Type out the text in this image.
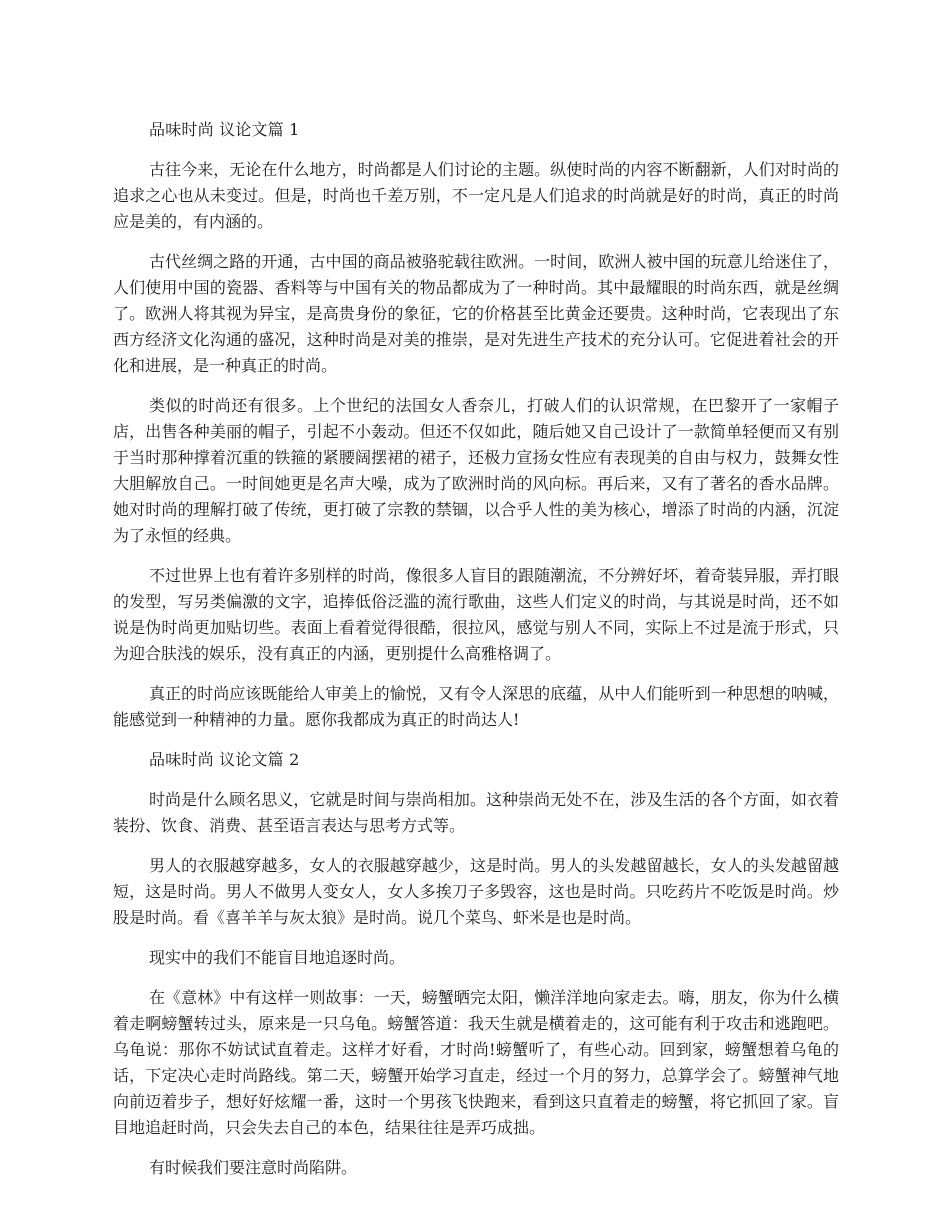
品味时尚 议论文篇 1

古往今来，无论在什么地方，时尚都是人们讨论的主题。纵使时尚的内容不断翻新，人们对时尚的追求之心也从未变过。但是，时尚也千差万别，不一定凡是人们追求的时尚就是好的时尚，真正的时尚应是美的，有内涵的。

古代丝绸之路的开通，古中国的商品被骆驼载往欧洲。一时间，欧洲人被中国的玩意儿给迷住了，人们使用中国的瓷器、香料等与中国有关的物品都成为了一种时尚。其中最耀眼的时尚东西，就是丝绸了。欧洲人将其视为异宝，是高贵身份的象征，它的价格甚至比黄金还要贵。这种时尚，它表现出了东西方经济文化沟通的盛况，这种时尚是对美的推崇，是对先进生产技术的充分认可。它促进着社会的开化和进展，是一种真正的时尚。

类似的时尚还有很多。上个世纪的法国女人香奈儿，打破人们的认识常规，在巴黎开了一家帽子店，出售各种美丽的帽子，引起不小轰动。但还不仅如此，随后她又自己设计了一款简单轻便而又有别于当时那种撑着沉重的铁箍的紧腰阔摆裙的裙子，还极力宣扬女性应有表现美的自由与权力，鼓舞女性大胆解放自己。一时间她更是名声大噪，成为了欧洲时尚的风向标。再后来，又有了著名的香水品牌。她对时尚的理解打破了传统，更打破了宗教的禁锢，以合乎人性的美为核心，增添了时尚的内涵，沉淀为了永恒的经典。

不过世界上也有着许多别样的时尚，像很多人盲目的跟随潮流，不分辨好坏，着奇装异服，弄打眼的发型，写另类偏激的文字，追捧低俗泛滥的流行歌曲，这些人们定义的时尚，与其说是时尚，还不如说是伪时尚更加贴切些。表面上看着觉得很酷，很拉风，感觉与别人不同，实际上不过是流于形式，只为迎合肤浅的娱乐，没有真正的内涵，更别提什么高雅格调了。

真正的时尚应该既能给人审美上的愉悦，又有令人深思的底蕴，从中人们能听到一种思想的呐喊，能感觉到一种精神的力量。愿你我都成为真正的时尚达人!

品味时尚 议论文篇 2

时尚是什么顾名思义，它就是时间与崇尚相加。这种崇尚无处不在，涉及生活的各个方面，如衣着装扮、饮食、消费、甚至语言表达与思考方式等。

男人的衣服越穿越多，女人的衣服越穿越少，这是时尚。男人的头发越留越长，女人的头发越留越短，这是时尚。男人不做男人变女人，女人多挨刀子多毁容，这也是时尚。只吃药片不吃饭是时尚。炒股是时尚。看《喜羊羊与灰太狼》是时尚。说几个菜鸟、虾米是也是时尚。

现实中的我们不能盲目地追逐时尚。

在《意林》中有这样一则故事：一天，螃蟹晒完太阳，懒洋洋地向家走去。嗨，朋友，你为什么横着走啊螃蟹转过头，原来是一只乌龟。螃蟹答道：我天生就是横着走的，这可能有利于攻击和逃跑吧。乌龟说：那你不妨试试直着走。这样才好看，才时尚!螃蟹听了，有些心动。回到家，螃蟹想着乌龟的话，下定决心走时尚路线。第二天，螃蟹开始学习直走，经过一个月的努力，总算学会了。螃蟹神气地向前迈着步子，想好好炫耀一番，这时一个男孩飞快跑来，看到这只直着走的螃蟹，将它抓回了家。盲目地追赶时尚，只会失去自己的本色，结果往往是弄巧成拙。

有时候我们要注意时尚陷阱。
